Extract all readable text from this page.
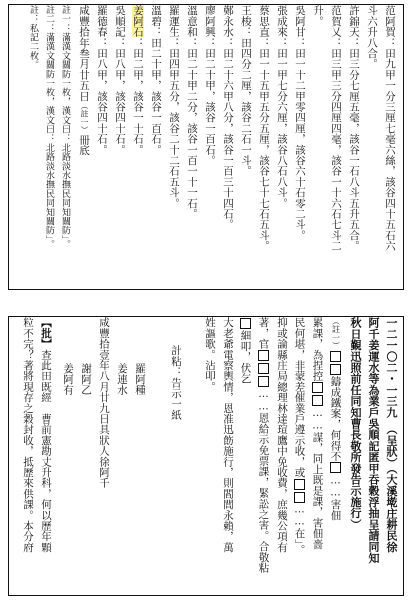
范阿賀：田九甲一分三厘七毫六絲，該谷四十五石六
斗六升八合。
許錦天：田三分七厘五毫，該谷一石八斗五升五合。
范賀乂：田三甲三分四厘四毫，該谷一十六石七斗二
升。
吳阿甘：田一十二甲零四厘，該谷六十石零二斗。
張成來：田一甲七分六厘，該谷八石八斗。
蔡思直：田一十五甲五分五厘，該谷七十七石五斗。
王梭：田四分二厘，該谷二石一斗。
鄭永水：田二十六甲八分，該谷一百三十四石。
廖阿興：田二十甲，該谷一百石。
溫意和：田二十甲二分，該谷一百一十一石。
羅運生：田四甲五分，該谷二十二石五斗。
溫碧：田二十甲，該谷一百石。
姜阿石：田二甲，該谷一十石。
吳順記：田八甲，該谷四十石。
羅德春：田八甲，該谷四十石。
咸豐拾年叁月廿五日（註一）冊底
註一：滿漢文關防一枚，漢文曰：北路淡水撫民同知關防」。
註二：滿漢文關防一枚，漢文曰：北路淡水撫民同知關防」。
註：私記二枚。
一二一〇二・一三九　（呈狀）（大溪墘庄耕民徐
阿千姜運水等為業戶吳順記匿甲吞穀浮抽呈請同知
秋日覲迅照前任同知曹長敬所發告示施行）
（註一）鑄成鐵案，何得不……害佃
累課，為捏控……謀，同上既是課，害佃嗇
民何堪，非蒙差催業戶遵示收，或……在」。
抑或論縣庄局總理林達瑄鷹中免收費，庶幾公項有
著，官……恩給示免票課，緊訟之害。合敬粘
細叩，伏乞
大老爺電察輿情，恩准迅飭施行，則閻閭永賴，萬
姓謳歌。沾叩。
計粘：告示一紙
羅阿種
姜連水
咸豐拾壹年八月廿九日具狀人徐阿千
謝阿乙
姜阿有
【批】查此田既經　曹前憲勘丈升科，何以歷年顆
粒不完？著將現存之穀封收，抵歷來供課。本分府
